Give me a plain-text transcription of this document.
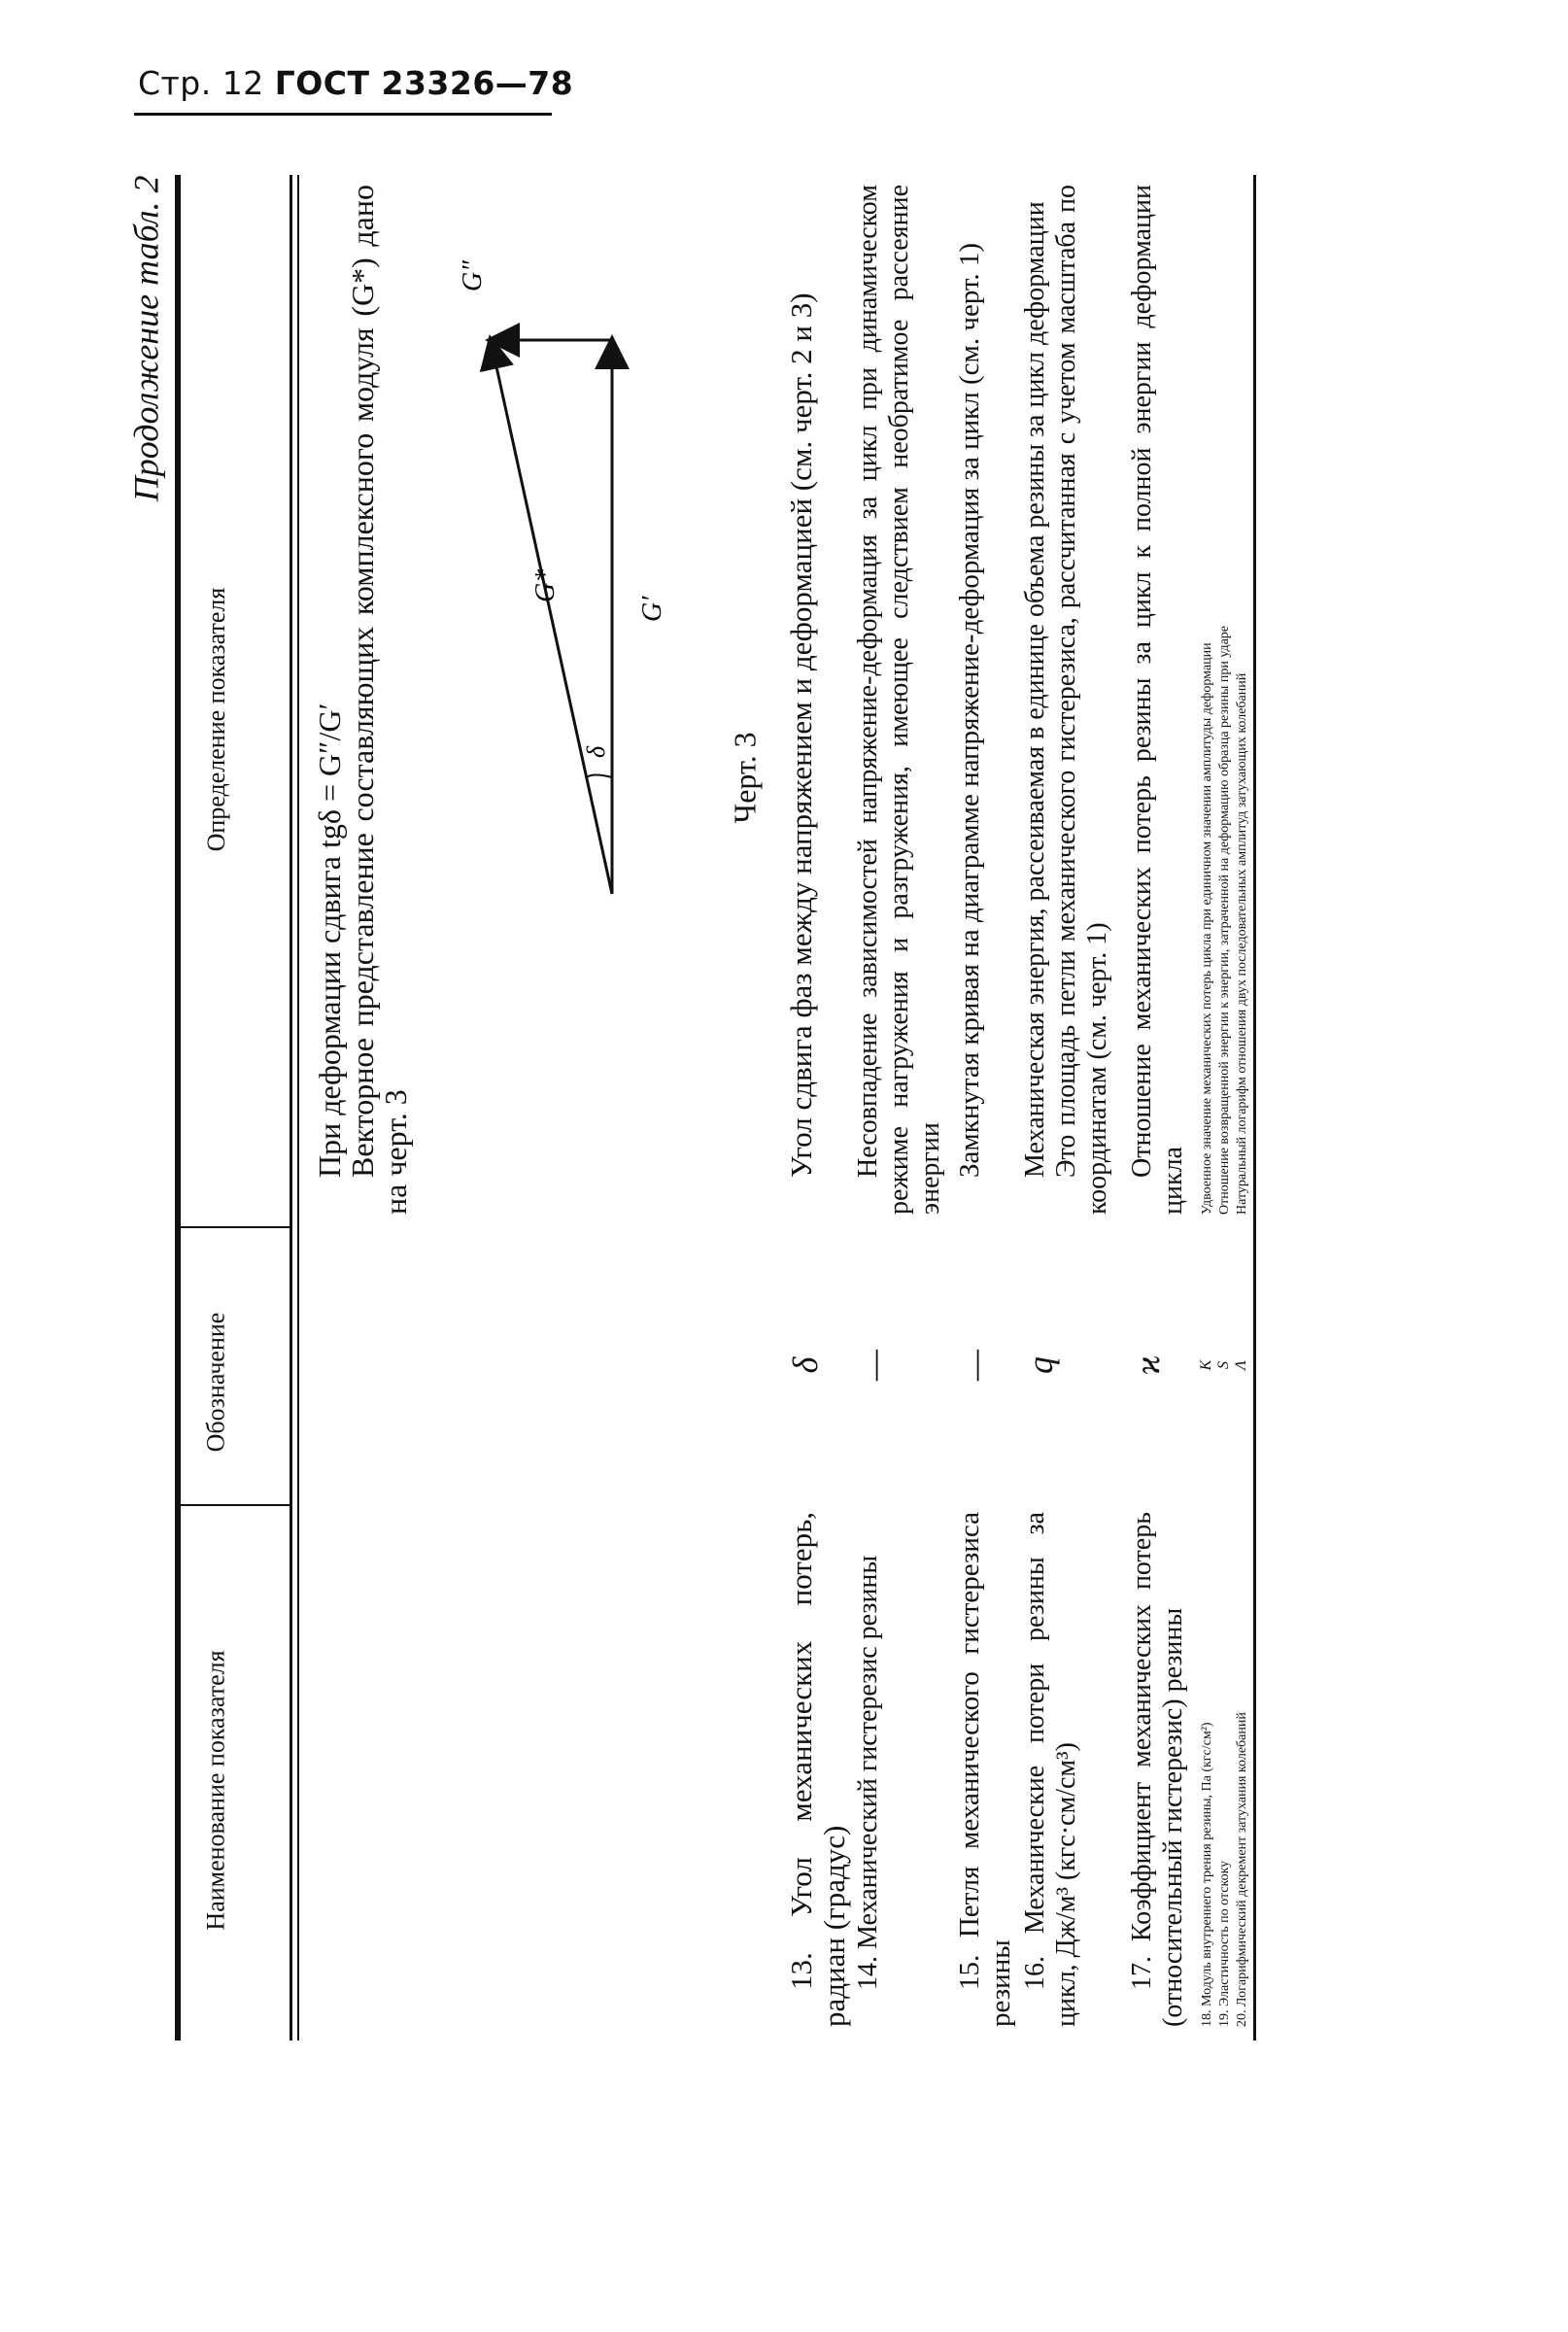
Стр. 12 ГОСТ 23326—78
Наименование показателя
Обозначение
Определение показателя
Продолжение табл. 2
При деформации сдвига tgδ = G″/G′
Векторное представление составляющих комплексного модуля (G*) дано на черт. 3
G*
G′
G″
δ	Черт. 3
13. Угол механических потерь, радиан (градус)
δ
Угол сдвига фаз между напряжением и деформацией (см. черт. 2 и 3)
14. Механический гистерезис резины
—
Несовпадение зависимостей напряжение-деформация за цикл при динамическом режиме нагружения и разгружения, имеющее следствием необратимое рассеяние энергии
15. Петля механического гистерезиса резины
—
Замкнутая кривая на диаграмме напряжение-деформация за цикл (см. черт. 1)
16. Механические потери резины за цикл, Дж/м³ (кгс·см/см³)
q
Механическая энергия, рассеиваемая в единице объема резины за цикл деформации Это площадь петли механического гистерезиса, рассчитанная с учетом масштаба по координатам (см. черт. 1)
17. Коэффициент механических потерь (относительный гистерезис) резины
ϰ
Отношение механических потерь резины за цикл к полной энергии деформации цикла
18. Модуль внутреннего трения резины, Па (кгс/см²)
K
Удвоенное значение механических потерь цикла при единичном значении амплитуды деформации
19. Эластичность по отскоку
S
Отношение возвращенной энергии к энергии, затраченной на деформацию образца резины при ударе
20. Логарифмический декремент затухания колебаний
Λ
Натуральный логарифм отношения двух последовательных амплитуд затухающих колебаний
